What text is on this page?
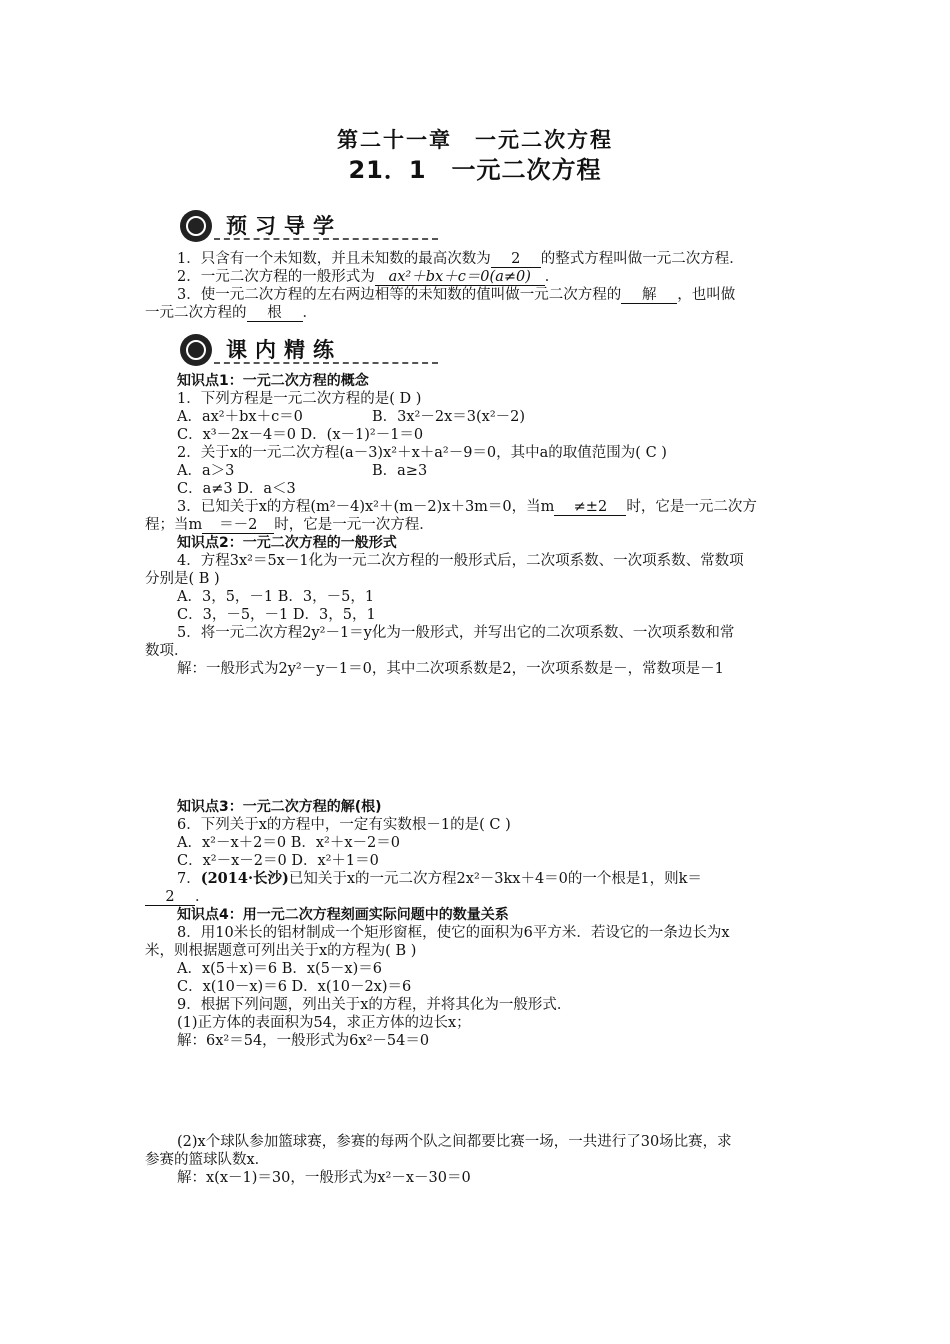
第二十一章　一元二次方程
21．1　一元二次方程
预习导学
1．只含有一个未知数，并且未知数的最高次数为 2 的整式方程叫做一元二次方程．
2．一元二次方程的一般形式为 ax²＋bx＋c＝0(a≠0) ．
3．使一元二次方程的左右两边相等的未知数的值叫做一元二次方程的 解 ，也叫做
一元二次方程的 根 ．
课内精练
知识点1：一元二次方程的概念
1．下列方程是一元二次方程的是( D )
A．ax²＋bx＋c＝0	B．3x²－2x＝3(x²－2)
C．x³－2x－4＝0 D．(x－1)²－1＝0
2．关于x的一元二次方程(a－3)x²＋x＋a²－9＝0，其中a的取值范围为( C )
A．a＞3	B．a≥3
C．a≠3 D．a＜3
3．已知关于x的方程(m²－4)x²＋(m－2)x＋3m＝0，当m ≠±2 时，它是一元二次方
程；当m ＝－2 时，它是一元一次方程．
知识点2：一元二次方程的一般形式
4．方程3x²＝5x－1化为一元二次方程的一般形式后，二次项系数、一次项系数、常数项
分别是( B )
A．3，5，－1 B．3，－5，1
C．3，－5，－1 D．3，5，1
5．将一元二次方程2y²－1＝y化为一般形式，并写出它的二次项系数、一次项系数和常
数项．
解：一般形式为2y²－y－1＝0，其中二次项系数是2，一次项系数是－，常数项是－1
知识点3：一元二次方程的解(根)
6．下列关于x的方程中，一定有实数根－1的是( C )
A．x²－x＋2＝0 B．x²＋x－2＝0
C．x²－x－2＝0 D．x²＋1＝0
7．(2014·长沙)已知关于x的一元二次方程2x²－3kx＋4＝0的一个根是1，则k＝
2 ．
知识点4：用一元二次方程刻画实际问题中的数量关系
8．用10米长的铝材制成一个矩形窗框，使它的面积为6平方米．若设它的一条边长为x
米，则根据题意可列出关于x的方程为( B )
A．x(5＋x)＝6 B．x(5－x)＝6
C．x(10－x)＝6 D．x(10－2x)＝6
9．根据下列问题，列出关于x的方程，并将其化为一般形式．
(1)正方体的表面积为54，求正方体的边长x；
解：6x²＝54，一般形式为6x²－54＝0
(2)x个球队参加篮球赛，参赛的每两个队之间都要比赛一场，一共进行了30场比赛，求
参赛的篮球队数x．
解：x(x－1)＝30，一般形式为x²－x－30＝0
